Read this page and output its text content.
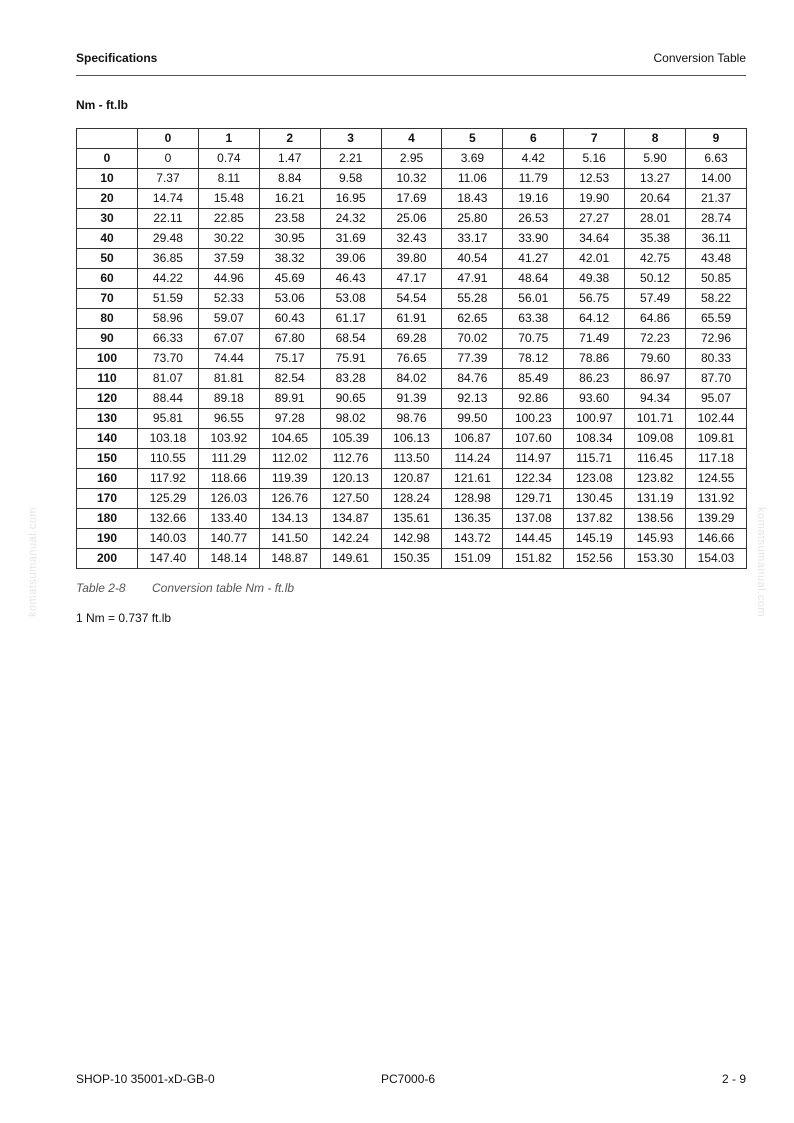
Specifications	Conversion Table
Nm - ft.lb
	0	1	2	3	4	5	6	7	8	9
0	0	0.74	1.47	2.21	2.95	3.69	4.42	5.16	5.90	6.63
10	7.37	8.11	8.84	9.58	10.32	11.06	11.79	12.53	13.27	14.00
20	14.74	15.48	16.21	16.95	17.69	18.43	19.16	19.90	20.64	21.37
30	22.11	22.85	23.58	24.32	25.06	25.80	26.53	27.27	28.01	28.74
40	29.48	30.22	30.95	31.69	32.43	33.17	33.90	34.64	35.38	36.11
50	36.85	37.59	38.32	39.06	39.80	40.54	41.27	42.01	42.75	43.48
60	44.22	44.96	45.69	46.43	47.17	47.91	48.64	49.38	50.12	50.85
70	51.59	52.33	53.06	53.08	54.54	55.28	56.01	56.75	57.49	58.22
80	58.96	59.07	60.43	61.17	61.91	62.65	63.38	64.12	64.86	65.59
90	66.33	67.07	67.80	68.54	69.28	70.02	70.75	71.49	72.23	72.96
100	73.70	74.44	75.17	75.91	76.65	77.39	78.12	78.86	79.60	80.33
110	81.07	81.81	82.54	83.28	84.02	84.76	85.49	86.23	86.97	87.70
120	88.44	89.18	89.91	90.65	91.39	92.13	92.86	93.60	94.34	95.07
130	95.81	96.55	97.28	98.02	98.76	99.50	100.23	100.97	101.71	102.44
140	103.18	103.92	104.65	105.39	106.13	106.87	107.60	108.34	109.08	109.81
150	110.55	111.29	112.02	112.76	113.50	114.24	114.97	115.71	116.45	117.18
160	117.92	118.66	119.39	120.13	120.87	121.61	122.34	123.08	123.82	124.55
170	125.29	126.03	126.76	127.50	128.24	128.98	129.71	130.45	131.19	131.92
180	132.66	133.40	134.13	134.87	135.61	136.35	137.08	137.82	138.56	139.29
190	140.03	140.77	141.50	142.24	142.98	143.72	144.45	145.19	145.93	146.66
200	147.40	148.14	148.87	149.61	150.35	151.09	151.82	152.56	153.30	154.03
Table 2-8 Conversion table Nm - ft.lb
1 Nm = 0.737 ft.lb
komatsumanual.com	komatsumanual.com
SHOP-10 35001-xD-GB-0	PC7000-6	2 - 9
